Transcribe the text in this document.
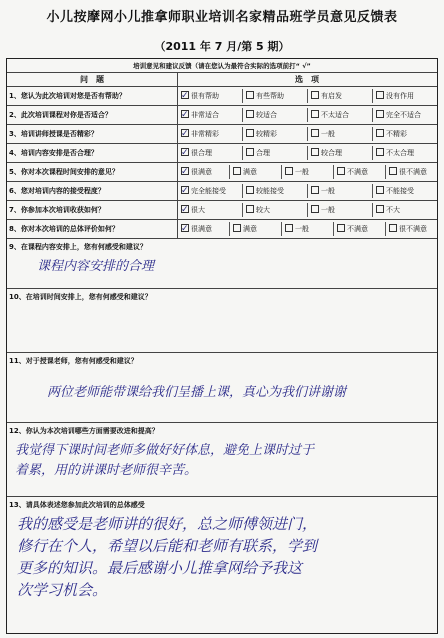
小儿按摩网小儿推拿师职业培训名家精品班学员意见反馈表
（2011 年 7 月/第 5 期）
培训意见和建议反馈（请在您认为最符合实际的选项前打“ √”
问　题	选　项
1、您认为此次培训对您是否有帮助？ ✓	很有帮助	有些帮助	有启发	没有作用
2、此次培训课程对你是否适合？ ✓	非常适合	较适合	不太适合	完全不适合
3、培训讲师授课是否精彩？ ✓	非常精彩	较精彩	一般	不精彩
4、培训内容安排是否合理？ ✓	很合理	合理	较合理	不太合理
5、你对本次课程时间安排的意见？ ✓	很满意	满意	一般	不满意	很不满意
6、您对培训内容的接受程度？ ✓	完全能接受	较能接受	一般	不能接受
7、你参加本次培训收获如何？ ✓	很大	较大	一般	不大
8、你对本次培训的总体评价如何？ ✓	很满意	满意	一般	不满意	很不满意
9、在课程内容安排上，您有何感受和建议？
课程内容安排的合理
10、在培训时间安排上，您有何感受和建议？
11、对于授课老师，您有何感受和建议？
两位老师能带课给我们呈播上课，真心为我们讲谢谢
12、你认为本次培训哪些方面需要改进和提高？
我觉得下课时间老师多做好好体息，避免上课时过于
着累，用的讲课时老师很辛苦。
13、请具体表述您参加此次培训的总体感受
我的感受是老师讲的很好，总之师傅领进门，
修行在个人，希望以后能和老师有联系，学到
更多的知识。最后感谢小儿推拿网给予我这
次学习机会。
